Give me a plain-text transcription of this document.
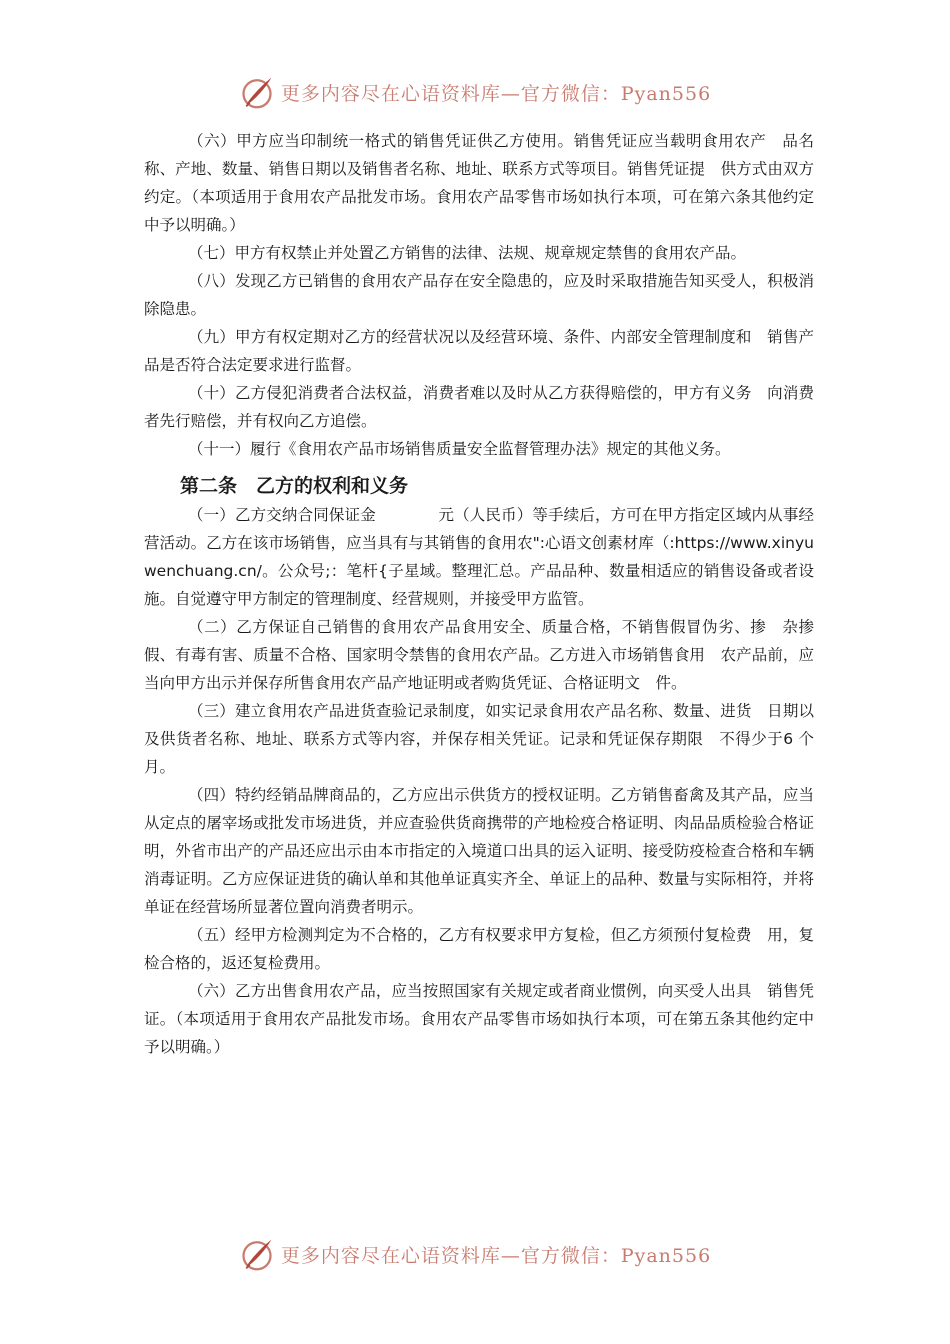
更多内容尽在心语资料库—官方微信：Pyan556

（六）甲方应当印制统一格式的销售凭证供乙方使用。销售凭证应当载明食用农产　品名称、产地、数量、销售日期以及销售者名称、地址、联系方式等项目。销售凭证提　供方式由双方约定。（本项适用于食用农产品批发市场。食用农产品零售市场如执行本项，可在第六条其他约定中予以明确。）

（七）甲方有权禁止并处置乙方销售的法律、法规、规章规定禁售的食用农产品。

（八）发现乙方已销售的食用农产品存在安全隐患的，应及时采取措施告知买受人，积极消除隐患。

（九）甲方有权定期对乙方的经营状况以及经营环境、条件、内部安全管理制度和　销售产品是否符合法定要求进行监督。

（十）乙方侵犯消费者合法权益，消费者难以及时从乙方获得赔偿的，甲方有义务　向消费者先行赔偿，并有权向乙方追偿。

（十一）履行《食用农产品市场销售质量安全监督管理办法》规定的其他义务。

第二条　乙方的权利和义务

（一）乙方交纳合同保证金　　　　元（人民币）等手续后，方可在甲方指定区域内从事经营活动。乙方在该市场销售，应当具有与其销售的食用农":心语文创素材库（:https://www.xinyuwenchuang.cn/。公众号;：笔杆{子星域。整理汇总。产品品种、数量相适应的销售设备或者设施。自觉遵守甲方制定的管理制度、经营规则，并接受甲方监管。

（二）乙方保证自己销售的食用农产品食用安全、质量合格，不销售假冒伪劣、掺　杂掺假、有毒有害、质量不合格、国家明令禁售的食用农产品。乙方进入市场销售食用　农产品前，应当向甲方出示并保存所售食用农产品产地证明或者购货凭证、合格证明文　件。

（三）建立食用农产品进货查验记录制度，如实记录食用农产品名称、数量、进货　日期以及供货者名称、地址、联系方式等内容，并保存相关凭证。记录和凭证保存期限　不得少于6 个月。

（四）特约经销品牌商品的，乙方应出示供货方的授权证明。乙方销售畜禽及其产品，应当从定点的屠宰场或批发市场进货，并应查验供货商携带的产地检疫合格证明、肉品品质检验合格证明，外省市出产的产品还应出示由本市指定的入境道口出具的运入证明、接受防疫检查合格和车辆消毒证明。乙方应保证进货的确认单和其他单证真实齐全、单证上的品种、数量与实际相符，并将单证在经营场所显著位置向消费者明示。

（五）经甲方检测判定为不合格的，乙方有权要求甲方复检，但乙方须预付复检费　用，复检合格的，返还复检费用。

（六）乙方出售食用农产品，应当按照国家有关规定或者商业惯例，向买受人出具　销售凭证。（本项适用于食用农产品批发市场。食用农产品零售市场如执行本项，可在第五条其他约定中予以明确。）

更多内容尽在心语资料库—官方微信：Pyan556
